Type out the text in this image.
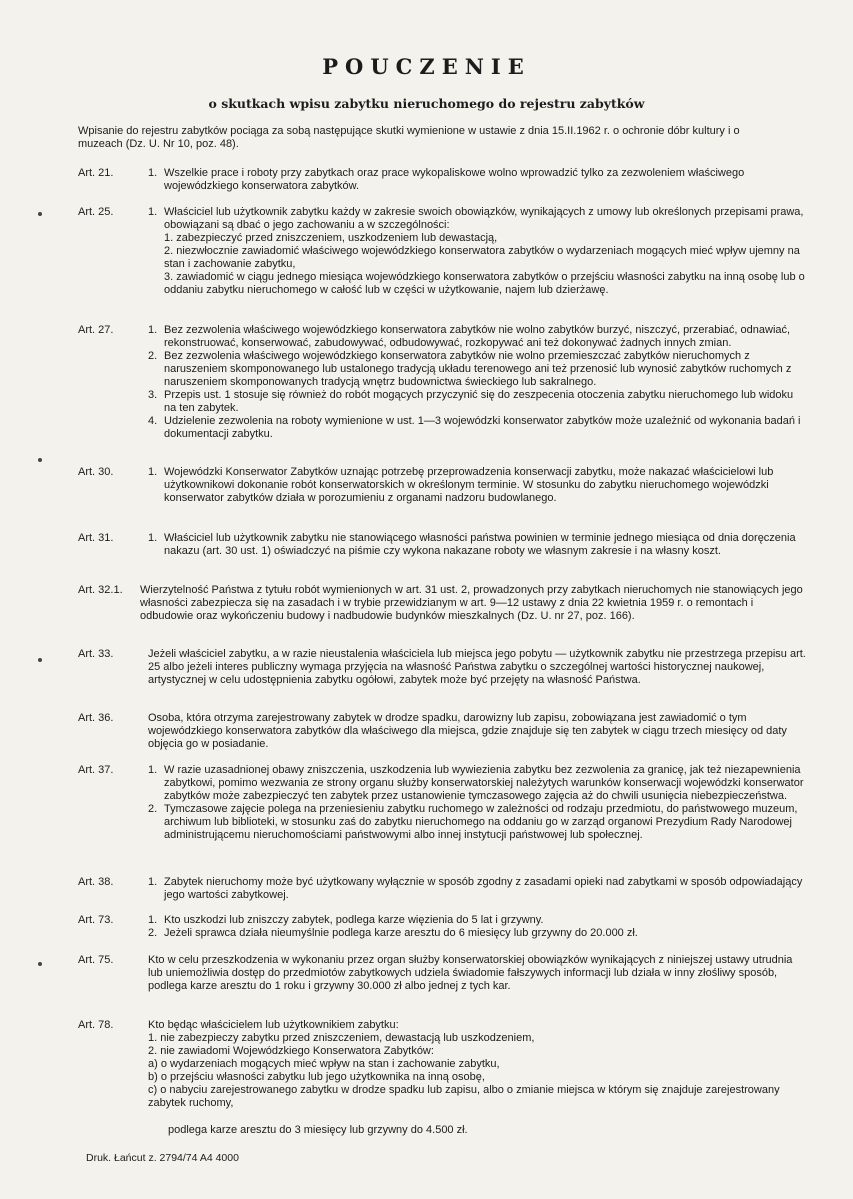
POUCZENIE
o skutkach wpisu zabytku nieruchomego do rejestru zabytków

Wpisanie do rejestru zabytków pociąga za sobą następujące skutki wymienione w ustawie z dnia 15.II.1962 r. o ochronie dóbr kultury i o muzeach (Dz. U. Nr 10, poz. 48).

Art. 21.	1. Wszelkie prace i roboty przy zabytkach oraz prace wykopaliskowe wolno wprowadzić tylko za zezwoleniem właściwego wojewódzkiego konserwatora zabytków.
Art. 25.	1. Właściciel lub użytkownik zabytku każdy w zakresie swoich obowiązków, wynikających z umowy lub określonych przepisami prawa, obowiązani są dbać o jego zachowaniu a w szczególności:

1. zabezpieczyć przed zniszczeniem, uszkodzeniem lub dewastacją,

2. niezwłocznie zawiadomić właściwego wojewódzkiego konserwatora zabytków o wydarzeniach mogących mieć wpływ ujemny na stan i zachowanie zabytku,

3. zawiadomić w ciągu jednego miesiąca wojewódzkiego konserwatora zabytków o przejściu własności zabytku na inną osobę lub o oddaniu zabytku nieruchomego w całość lub w części w użytkowanie, najem lub dzierżawę.

Art. 27.	1. Bez zezwolenia właściwego wojewódzkiego konserwatora zabytków nie wolno zabytków burzyć, niszczyć, przerabiać, odnawiać, rekonstruować, konserwować, zabudowywać, odbudowywać, rozkopywać ani też dokonywać żadnych innych zmian.
2. Bez zezwolenia właściwego wojewódzkiego konserwatora zabytków nie wolno przemieszczać zabytków nieruchomych z naruszeniem skomponowanego lub ustalonego tradycją układu terenowego ani też przenosić lub wynosić zabytków ruchomych z naruszeniem skomponowanych tradycją wnętrz budownictwa świeckiego lub sakralnego.
3. Przepis ust. 1 stosuje się również do robót mogących przyczynić się do zeszpecenia otoczenia zabytku nieruchomego lub widoku na ten zabytek.
4. Udzielenie zezwolenia na roboty wymienione w ust. 1—3 wojewódzki konserwator zabytków może uzależnić od wykonania badań i dokumentacji zabytku.
Art. 30.	1. Wojewódzki Konserwator Zabytków uznając potrzebę przeprowadzenia konserwacji zabytku, może nakazać właścicielowi lub użytkownikowi dokonanie robót konserwatorskich w określonym terminie. W stosunku do zabytku nieruchomego wojewódzki konserwator zabytków działa w porozumieniu z organami nadzoru budowlanego.
Art. 31.	1. Właściciel lub użytkownik zabytku nie stanowiącego własności państwa powinien w terminie jednego miesiąca od dnia doręczenia nakazu (art. 30 ust. 1) oświadczyć na piśmie czy wykona nakazane roboty we własnym zakresie i na własny koszt.
Art. 32.1.	Wierzytelność Państwa z tytułu robót wymienionych w art. 31 ust. 2, prowadzonych przy zabytkach nieruchomych nie stanowiących jego własności zabezpiecza się na zasadach i w trybie przewidzianym w art. 9—12 ustawy z dnia 22 kwietnia 1959 r. o remontach i odbudowie oraz wykończeniu budowy i nadbudowie budynków mieszkalnych (Dz. U. nr 27, poz. 166).

Art. 33.	Jeżeli właściciel zabytku, a w razie nieustalenia właściciela lub miejsca jego pobytu — użytkownik zabytku nie przestrzega przepisu art. 25 albo jeżeli interes publiczny wymaga przyjęcia na własność Państwa zabytku o szczególnej wartości historycznej naukowej, artystycznej w celu udostępnienia zabytku ogółowi, zabytek może być przejęty na własność Państwa.

Art. 36.	Osoba, która otrzyma zarejestrowany zabytek w drodze spadku, darowizny lub zapisu, zobowiązana jest zawiadomić o tym wojewódzkiego konserwatora zabytków dla właściwego dla miejsca, gdzie znajduje się ten zabytek w ciągu trzech miesięcy od daty objęcia go w posiadanie.

Art. 37.	1. W razie uzasadnionej obawy zniszczenia, uszkodzenia lub wywiezienia zabytku bez zezwolenia za granicę, jak też niezapewnienia zabytkowi, pomimo wezwania ze strony organu służby konserwatorskiej należytych warunków konserwacji wojewódzki konserwator zabytków może zabezpieczyć ten zabytek przez ustanowienie tymczasowego zajęcia aż do chwili usunięcia niebezpieczeństwa.
2. Tymczasowe zajęcie polega na przeniesieniu zabytku ruchomego w zależności od rodzaju przedmiotu, do państwowego muzeum, archiwum lub biblioteki, w stosunku zaś do zabytku nieruchomego na oddaniu go w zarząd organowi Prezydium Rady Narodowej administrującemu nieruchomościami państwowymi albo innej instytucji państwowej lub społecznej.
Art. 38.	1. Zabytek nieruchomy może być użytkowany wyłącznie w sposób zgodny z zasadami opieki nad zabytkami w sposób odpowiadający jego wartości zabytkowej.
Art. 73.	1. Kto uszkodzi lub zniszczy zabytek, podlega karze więzienia do 5 lat i grzywny.
2. Jeżeli sprawca działa nieumyślnie podlega karze aresztu do 6 miesięcy lub grzywny do 20.000 zł.
Art. 75.	Kto w celu przeszkodzenia w wykonaniu przez organ służby konserwatorskiej obowiązków wynikających z niniejszej ustawy utrudnia lub uniemożliwia dostęp do przedmiotów zabytkowych udziela świadomie fałszywych informacji lub działa w inny złośliwy sposób, podlega karze aresztu do 1 roku i grzywny 30.000 zł albo jednej z tych kar.

Art. 78.	Kto będąc właścicielem lub użytkownikiem zabytku:

1. nie zabezpieczy zabytku przed zniszczeniem, dewastacją lub uszkodzeniem,

2. nie zawiadomi Wojewódzkiego Konserwatora Zabytków:

a) o wydarzeniach mogących mieć wpływ na stan i zachowanie zabytku,

b) o przejściu własności zabytku lub jego użytkownika na inną osobę,

c) o nabyciu zarejestrowanego zabytku w drodze spadku lub zapisu, albo o zmianie miejsca w którym się znajduje zarejestrowany zabytek ruchomy,

podlega karze aresztu do 3 miesięcy lub grzywny do 4.500 zł.

Druk. Łańcut z. 2794/74 A4 4000
